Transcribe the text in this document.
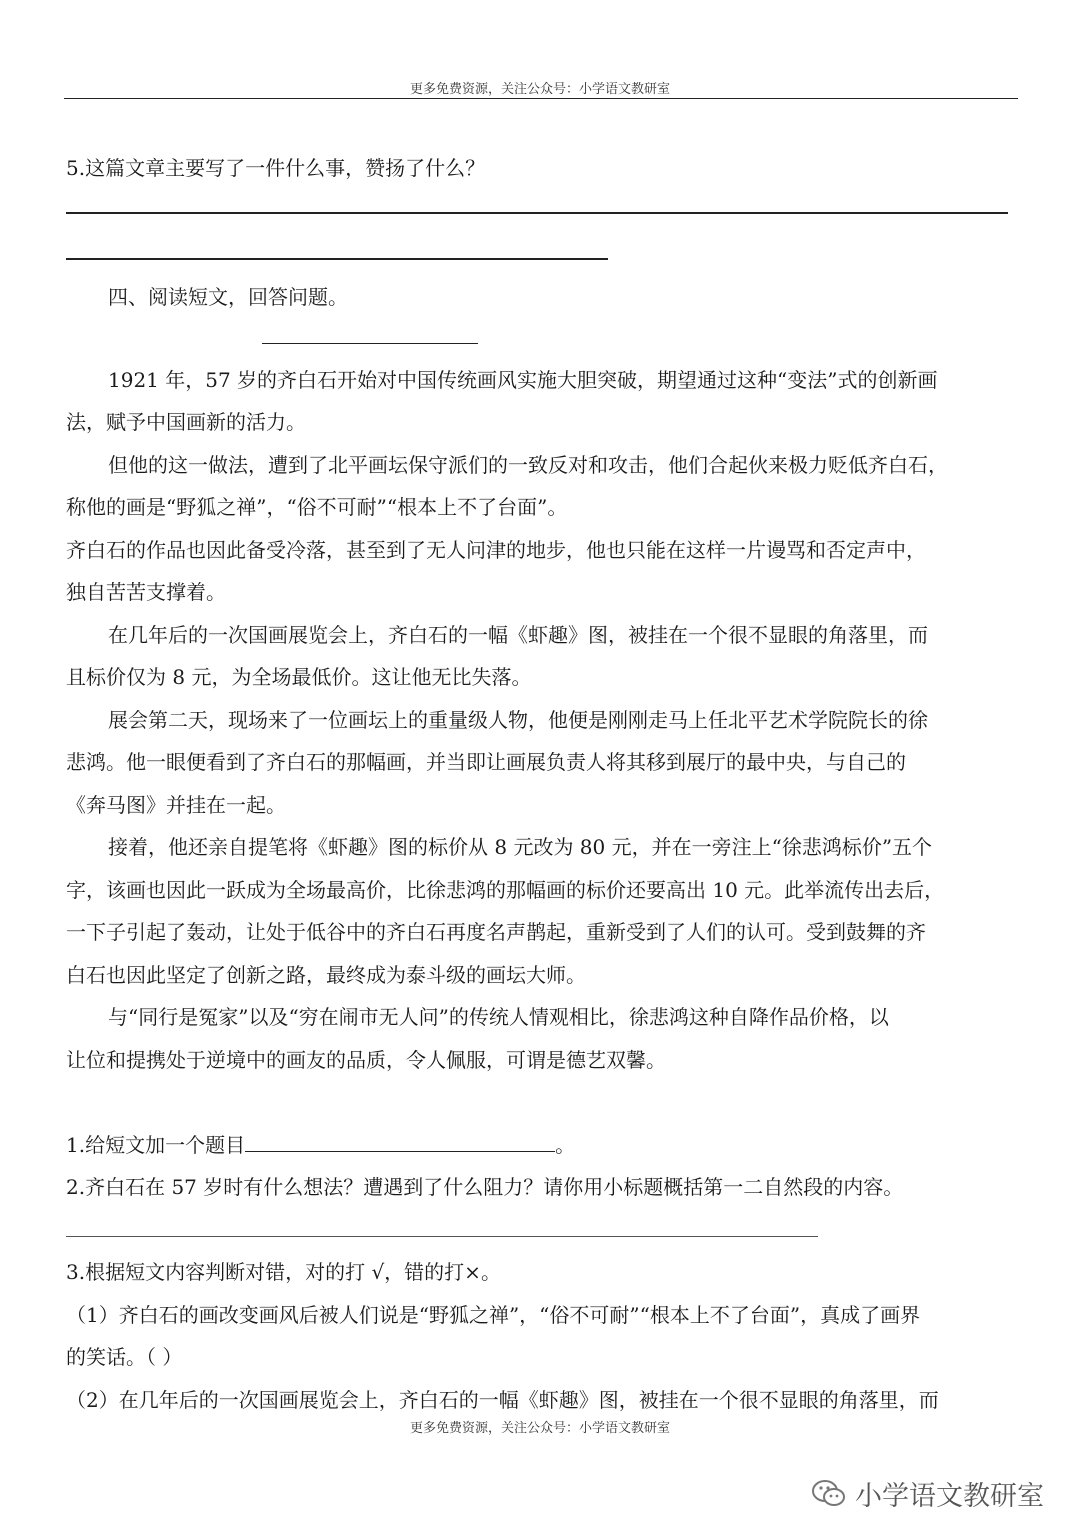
更多免费资源，关注公众号：小学语文教研室
5.这篇文章主要写了一件什么事，赞扬了什么？
四、阅读短文，回答问题。
1921 年，57 岁的齐白石开始对中国传统画风实施大胆突破，期望通过这种“变法”式的创新画
法，赋予中国画新的活力。
但他的这一做法，遭到了北平画坛保守派们的一致反对和攻击，他们合起伙来极力贬低齐白石，
称他的画是“野狐之禅”，“俗不可耐”“根本上不了台面”。
齐白石的作品也因此备受冷落，甚至到了无人问津的地步，他也只能在这样一片谩骂和否定声中，
独自苦苦支撑着。
在几年后的一次国画展览会上，齐白石的一幅《虾趣》图，被挂在一个很不显眼的角落里，而
且标价仅为 8 元，为全场最低价。这让他无比失落。
展会第二天，现场来了一位画坛上的重量级人物，他便是刚刚走马上任北平艺术学院院长的徐
悲鸿。他一眼便看到了齐白石的那幅画，并当即让画展负责人将其移到展厅的最中央，与自己的
《奔马图》并挂在一起。
接着，他还亲自提笔将《虾趣》图的标价从 8 元改为 80 元，并在一旁注上“徐悲鸿标价”五个
字，该画也因此一跃成为全场最高价，比徐悲鸿的那幅画的标价还要高出 10 元。此举流传出去后，
一下子引起了轰动，让处于低谷中的齐白石再度名声鹊起，重新受到了人们的认可。受到鼓舞的齐
白石也因此坚定了创新之路，最终成为泰斗级的画坛大师。
与“同行是冤家”以及“穷在闹市无人问”的传统人情观相比，徐悲鸿这种自降作品价格，以
让位和提携处于逆境中的画友的品质，令人佩服，可谓是德艺双馨。
1.给短文加一个题目	。
2.齐白石在 57 岁时有什么想法？遭遇到了什么阻力？请你用小标题概括第一二自然段的内容。
3.根据短文内容判断对错，对的打 √，错的打×。
（1）齐白石的画改变画风后被人们说是“野狐之禅”，“俗不可耐”“根本上不了台面”，真成了画界
的笑话。（ ）
（2）在几年后的一次国画展览会上，齐白石的一幅《虾趣》图，被挂在一个很不显眼的角落里，而
更多免费资源，关注公众号：小学语文教研室
小学语文教研室
